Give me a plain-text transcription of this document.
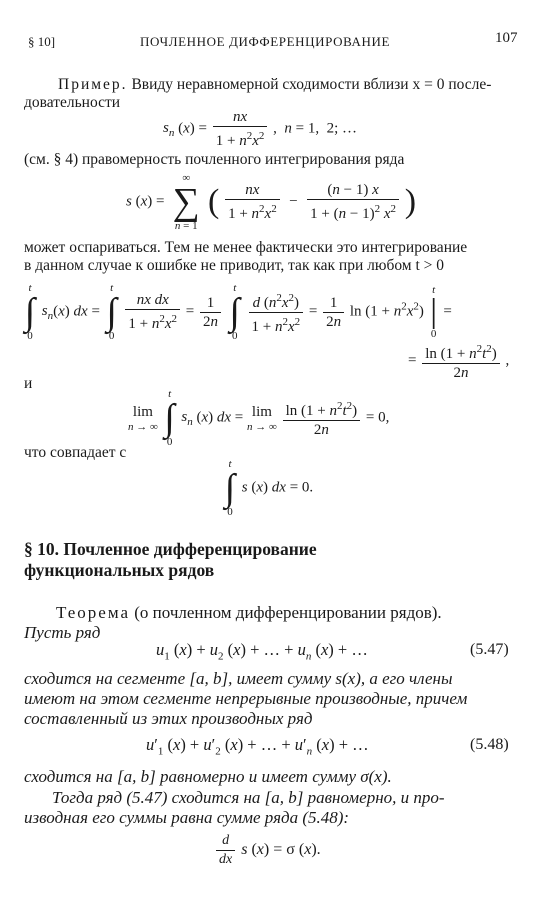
§ 10]	ПОЧЛЕННОЕ ДИФФЕРЕНЦИРОВАНИЕ	107
Пример. Ввиду неравномерной сходимости вблизи x = 0 после-
довательности
$s_n$ $(x) = \frac{nx}{1 + n^2x^2}$ ,  n = 1,  2; …
(см. § 4) правомерность почленного интегрирования ряда
s (x) =
∞
∑
n = 1
( $\frac{nx}{1 + n^2x^2} - \frac{(n - 1) x}{1 + (n - 1)^2 x^2}$ )
может оспариваться. Тем не менее фактически это интегрирование
в данном случае к ошибке не приводит, так как при любом t > 0
t
∫
0
$s_n(x)$ dx =
t
∫
0

$\frac{\text{nx dx}}{1 + n^2x^2} = \frac{1}{2n}$

t
∫
0

$\frac{d (n^2x^2)}{1 + n^2x^2} = \frac{1}{2n}$ $\ln (1 + n^2x^2)$
t
|
0
=
= $\frac{\ln (1 + n^2t^2)}{2n}$ ,
и
lim
n → ∞

t
∫
0
$s_n$ (x) dx = lim
n → ∞
$\frac{\ln (1 + n^2t^2)}{2n} = 0$,
что совпадает с
t
∫
0
s (x) dx = 0.
§ 10. Почленное дифференцирование
функциональных рядов
Теорема (о почленном дифференцировании рядов).
Пусть ряд
$u_1$ $(x) + u_2$ (x) + … + $u_n$ (x) + …	(5.47)
сходится на сегменте [a, b], имеет сумму s(x), а его члены
имеют на этом сегменте непрерывные производные, причем
составленный из этих производных ряд
$u'_1$ $(x) + u'_2$ (x) + … + $u'_n$ (x) + …	(5.48)
сходится на [a, b] равномерно и имеет сумму σ(x).
Тогда ряд (5.47) сходится на [a, b] равномерно, и про-
изводная его суммы равна сумме ряда (5.48):
$\frac{d}{dx}$ s (x) = σ (x).
